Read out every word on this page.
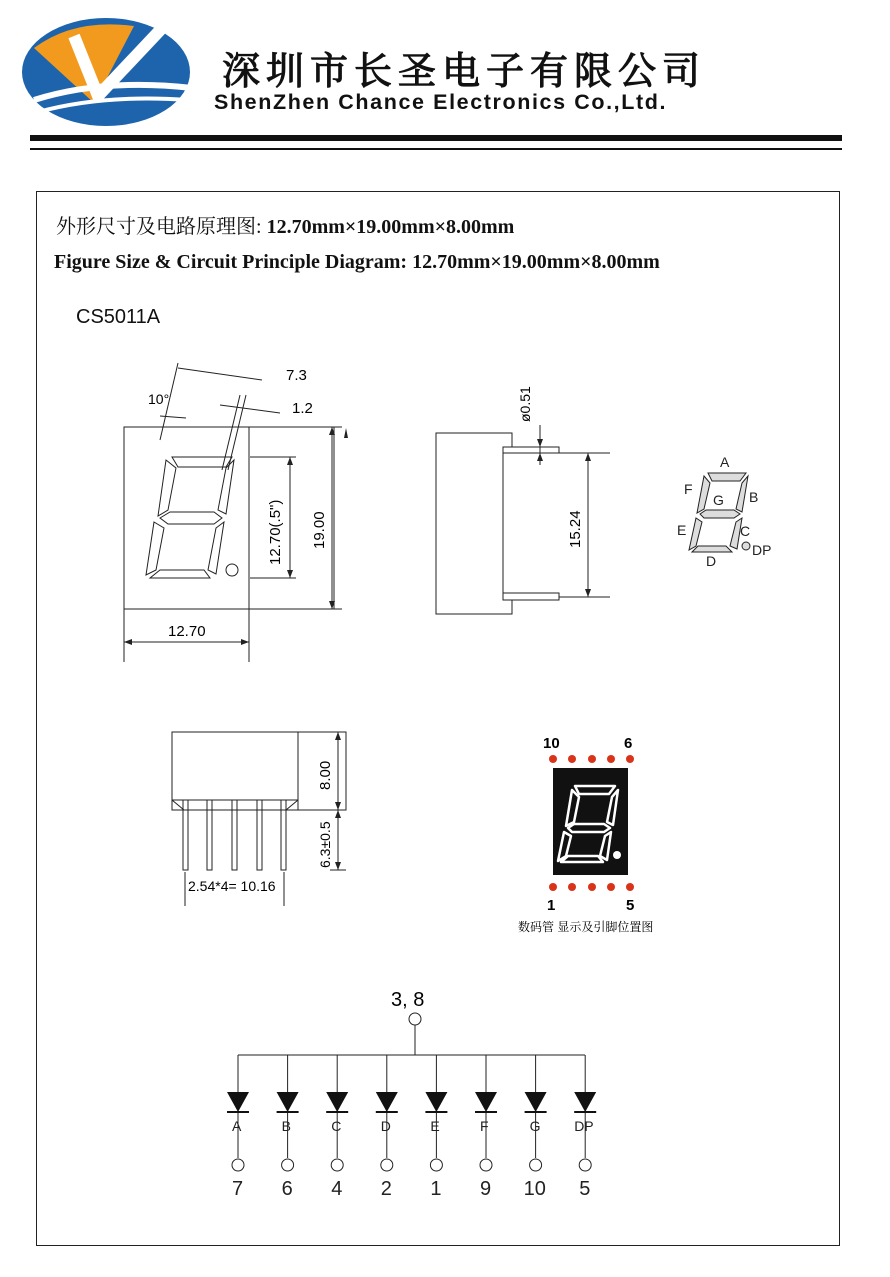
深圳市长圣电子有限公司
ShenZhen Chance Electronics Co.,Ltd.
外形尺寸及电路原理图: 12.70mm×19.00mm×8.00mm
Figure Size & Circuit Principle Diagram: 12.70mm×19.00mm×8.00mm
CS5011A
7.3
1.2
10°
12.70(.5") 19.00
12.70
ø0.51
15.24
A
B
C
D
E
F
G
DP
8.00
6.3±0.5
2.54*4= 10.16
10	6
1	5
数码管 显示及引脚位置图
3, 8
A
7
B
6
C
4
D
2
E
1
F
9
G
10
DP
5
